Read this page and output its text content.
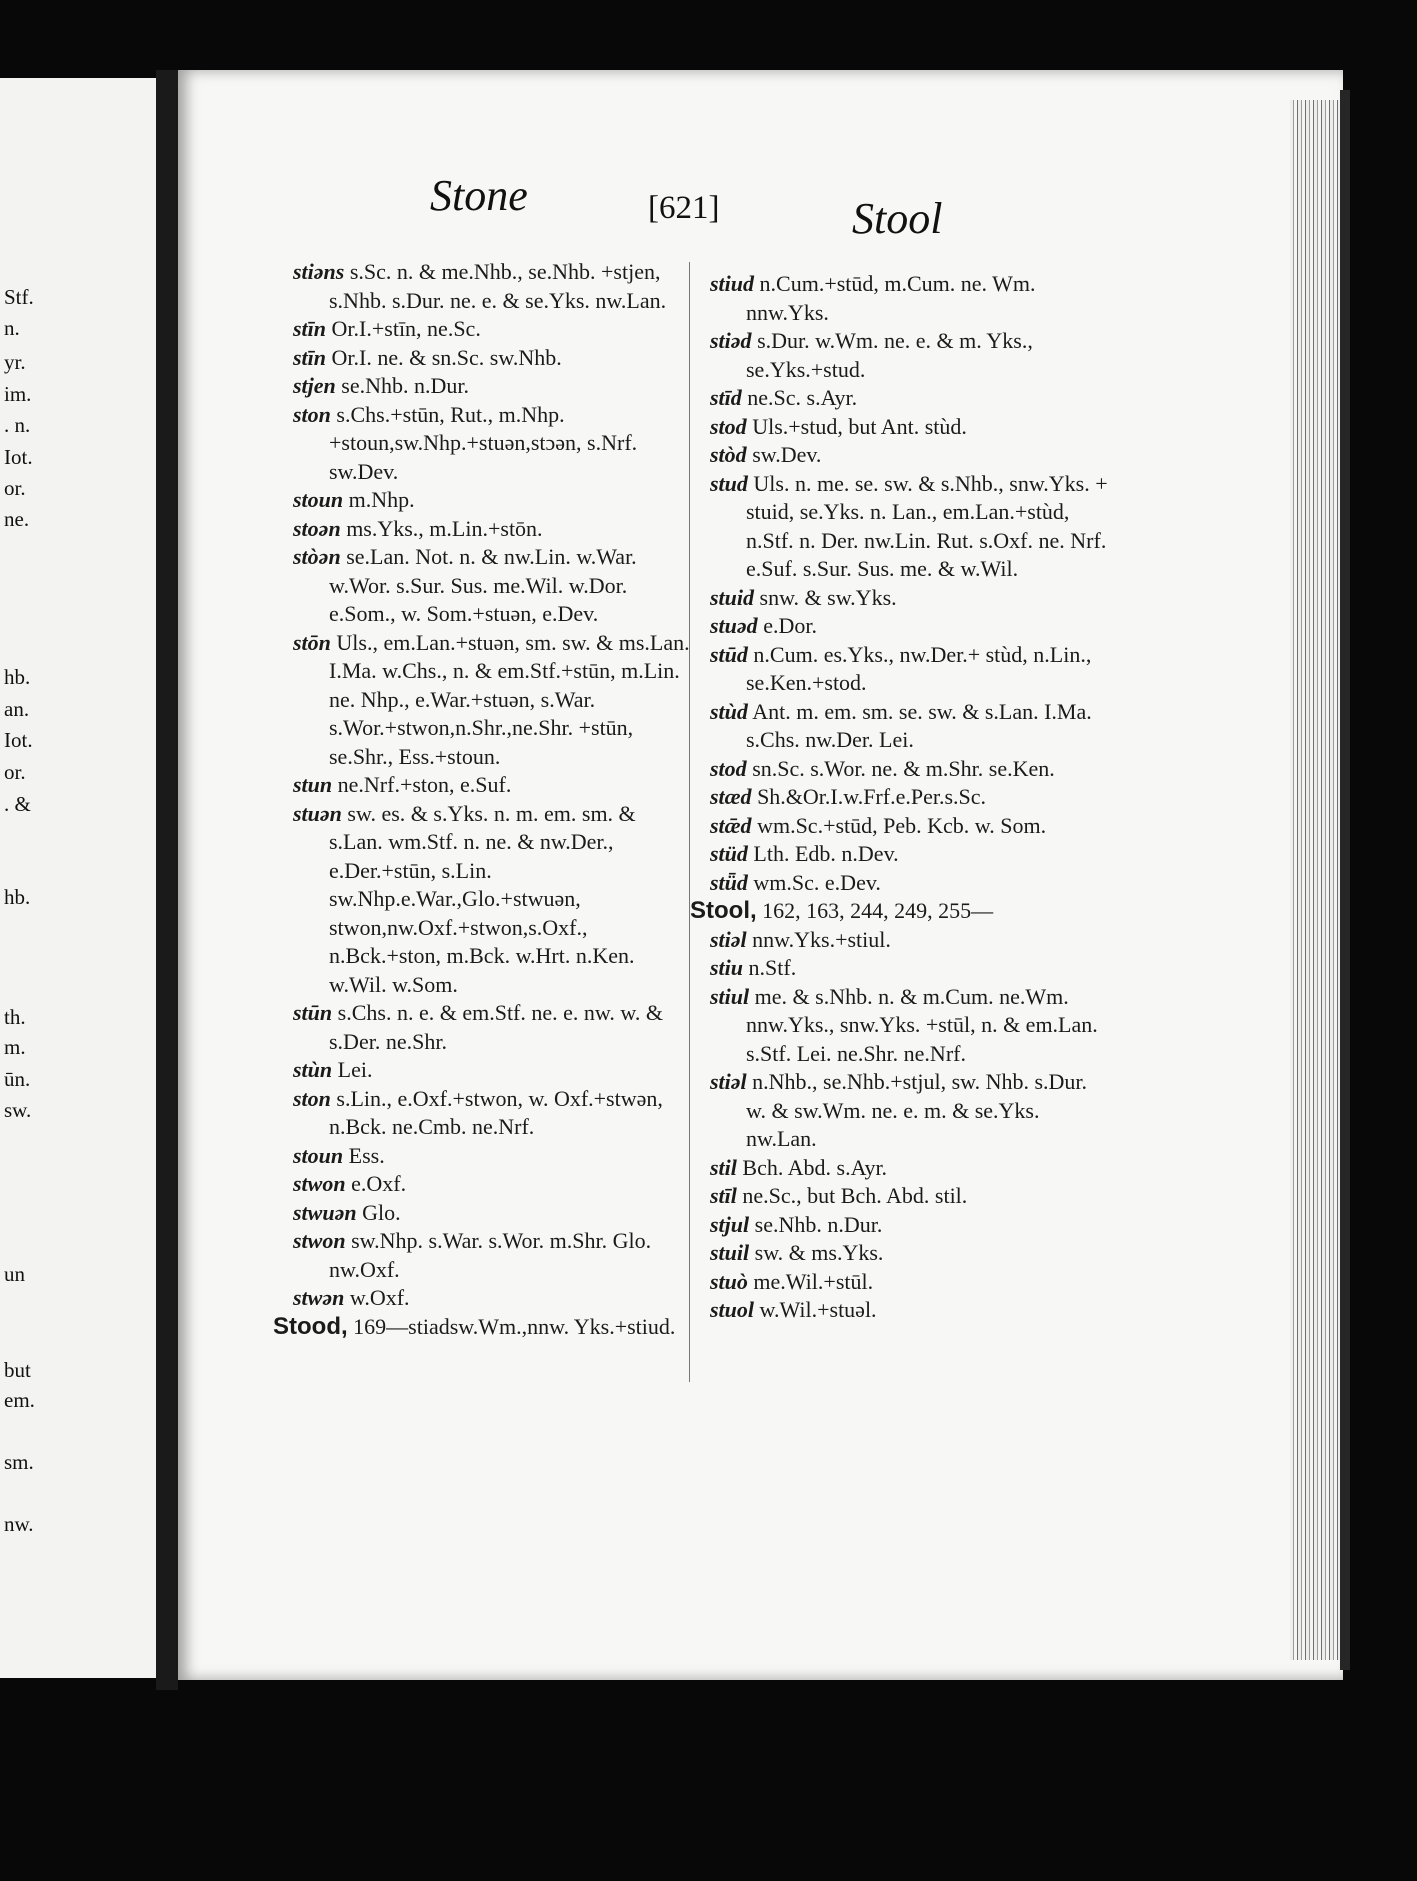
Stf.
n.
yr.
im.
. n.
Iot.
or.
ne.
hb.
an.
Iot.
or.
. &
hb.
th.
m.
ūn.
sw.
un
but
em.
sm.
nw.
Stone	[621]	Stool

stiəns s.Sc. n. & me.Nhb., se.Nhb. +stjen, s.Nhb. s.Dur. ne. e. & se.Yks. nw.Lan.

stīn Or.I.+stīn, ne.Sc.

stīn Or.I. ne. & sn.Sc. sw.Nhb.

stjen se.Nhb. n.Dur.

ston s.Chs.+stūn, Rut., m.Nhp. +stoun,sw.Nhp.+stuən,stɔən, s.Nrf. sw.Dev.

stoun m.Nhp.

stoən ms.Yks., m.Lin.+stōn.

stòən se.Lan. Not. n. & nw.Lin. w.War. w.Wor. s.Sur. Sus. me.Wil. w.Dor. e.Som., w. Som.+stuən, e.Dev.

stōn Uls., em.Lan.+stuən, sm. sw. & ms.Lan. I.Ma. w.Chs., n. & em.Stf.+stūn, m.Lin. ne. Nhp., e.War.+stuən, s.War. s.Wor.+stwon,n.Shr.,ne.Shr. +stūn, se.Shr., Ess.+stoun.

stun ne.Nrf.+ston, e.Suf.

stuən sw. es. & s.Yks. n. m. em. sm. & s.Lan. wm.Stf. n. ne. & nw.Der., e.Der.+stūn, s.Lin. sw.Nhp.e.War.,Glo.+stwuən, stwon,nw.Oxf.+stwon,s.Oxf., n.Bck.+ston, m.Bck. w.Hrt. n.Ken. w.Wil. w.Som.

stūn s.Chs. n. e. & em.Stf. ne. e. nw. w. & s.Der. ne.Shr.

stùn Lei.

ston s.Lin., e.Oxf.+stwon, w. Oxf.+stwən, n.Bck. ne.Cmb. ne.Nrf.

stoun Ess.

stwon e.Oxf.

stwuən Glo.

stwon sw.Nhp. s.War. s.Wor. m.Shr. Glo. nw.Oxf.

stwən w.Oxf.

Stood, 169—stiadsw.Wm.,nnw. Yks.+stiud.

stiud n.Cum.+stūd, m.Cum. ne. Wm. nnw.Yks.

stiəd s.Dur. w.Wm. ne. e. & m. Yks., se.Yks.+stud.

stīd ne.Sc. s.Ayr.

stod Uls.+stud, but Ant. stùd.

stòd sw.Dev.

stud Uls. n. me. se. sw. & s.Nhb., snw.Yks. + stuid, se.Yks. n. Lan., em.Lan.+stùd, n.Stf. n. Der. nw.Lin. Rut. s.Oxf. ne. Nrf. e.Suf. s.Sur. Sus. me. & w.Wil.

stuid snw. & sw.Yks.

stuəd e.Dor.

stūd n.Cum. es.Yks., nw.Der.+ stùd, n.Lin., se.Ken.+stod.

stùd Ant. m. em. sm. se. sw. & s.Lan. I.Ma. s.Chs. nw.Der. Lei.

stod sn.Sc. s.Wor. ne. & m.Shr. se.Ken.

stæd Sh.&Or.I.w.Frf.e.Per.s.Sc.

stǣd wm.Sc.+stūd, Peb. Kcb. w. Som.

stüd Lth. Edb. n.Dev.

stǖd wm.Sc. e.Dev.

Stool, 162, 163, 244, 249, 255—

stiəl nnw.Yks.+stiul.

stiu n.Stf.

stiul me. & s.Nhb. n. & m.Cum. ne.Wm. nnw.Yks., snw.Yks. +stūl, n. & em.Lan. s.Stf. Lei. ne.Shr. ne.Nrf.

stiəl n.Nhb., se.Nhb.+stjul, sw. Nhb. s.Dur. w. & sw.Wm. ne. e. m. & se.Yks. nw.Lan.

stil Bch. Abd. s.Ayr.

stīl ne.Sc., but Bch. Abd. stil.

stjul se.Nhb. n.Dur.

stuil sw. & ms.Yks.

stuò me.Wil.+stūl.

stuol w.Wil.+stuəl.
